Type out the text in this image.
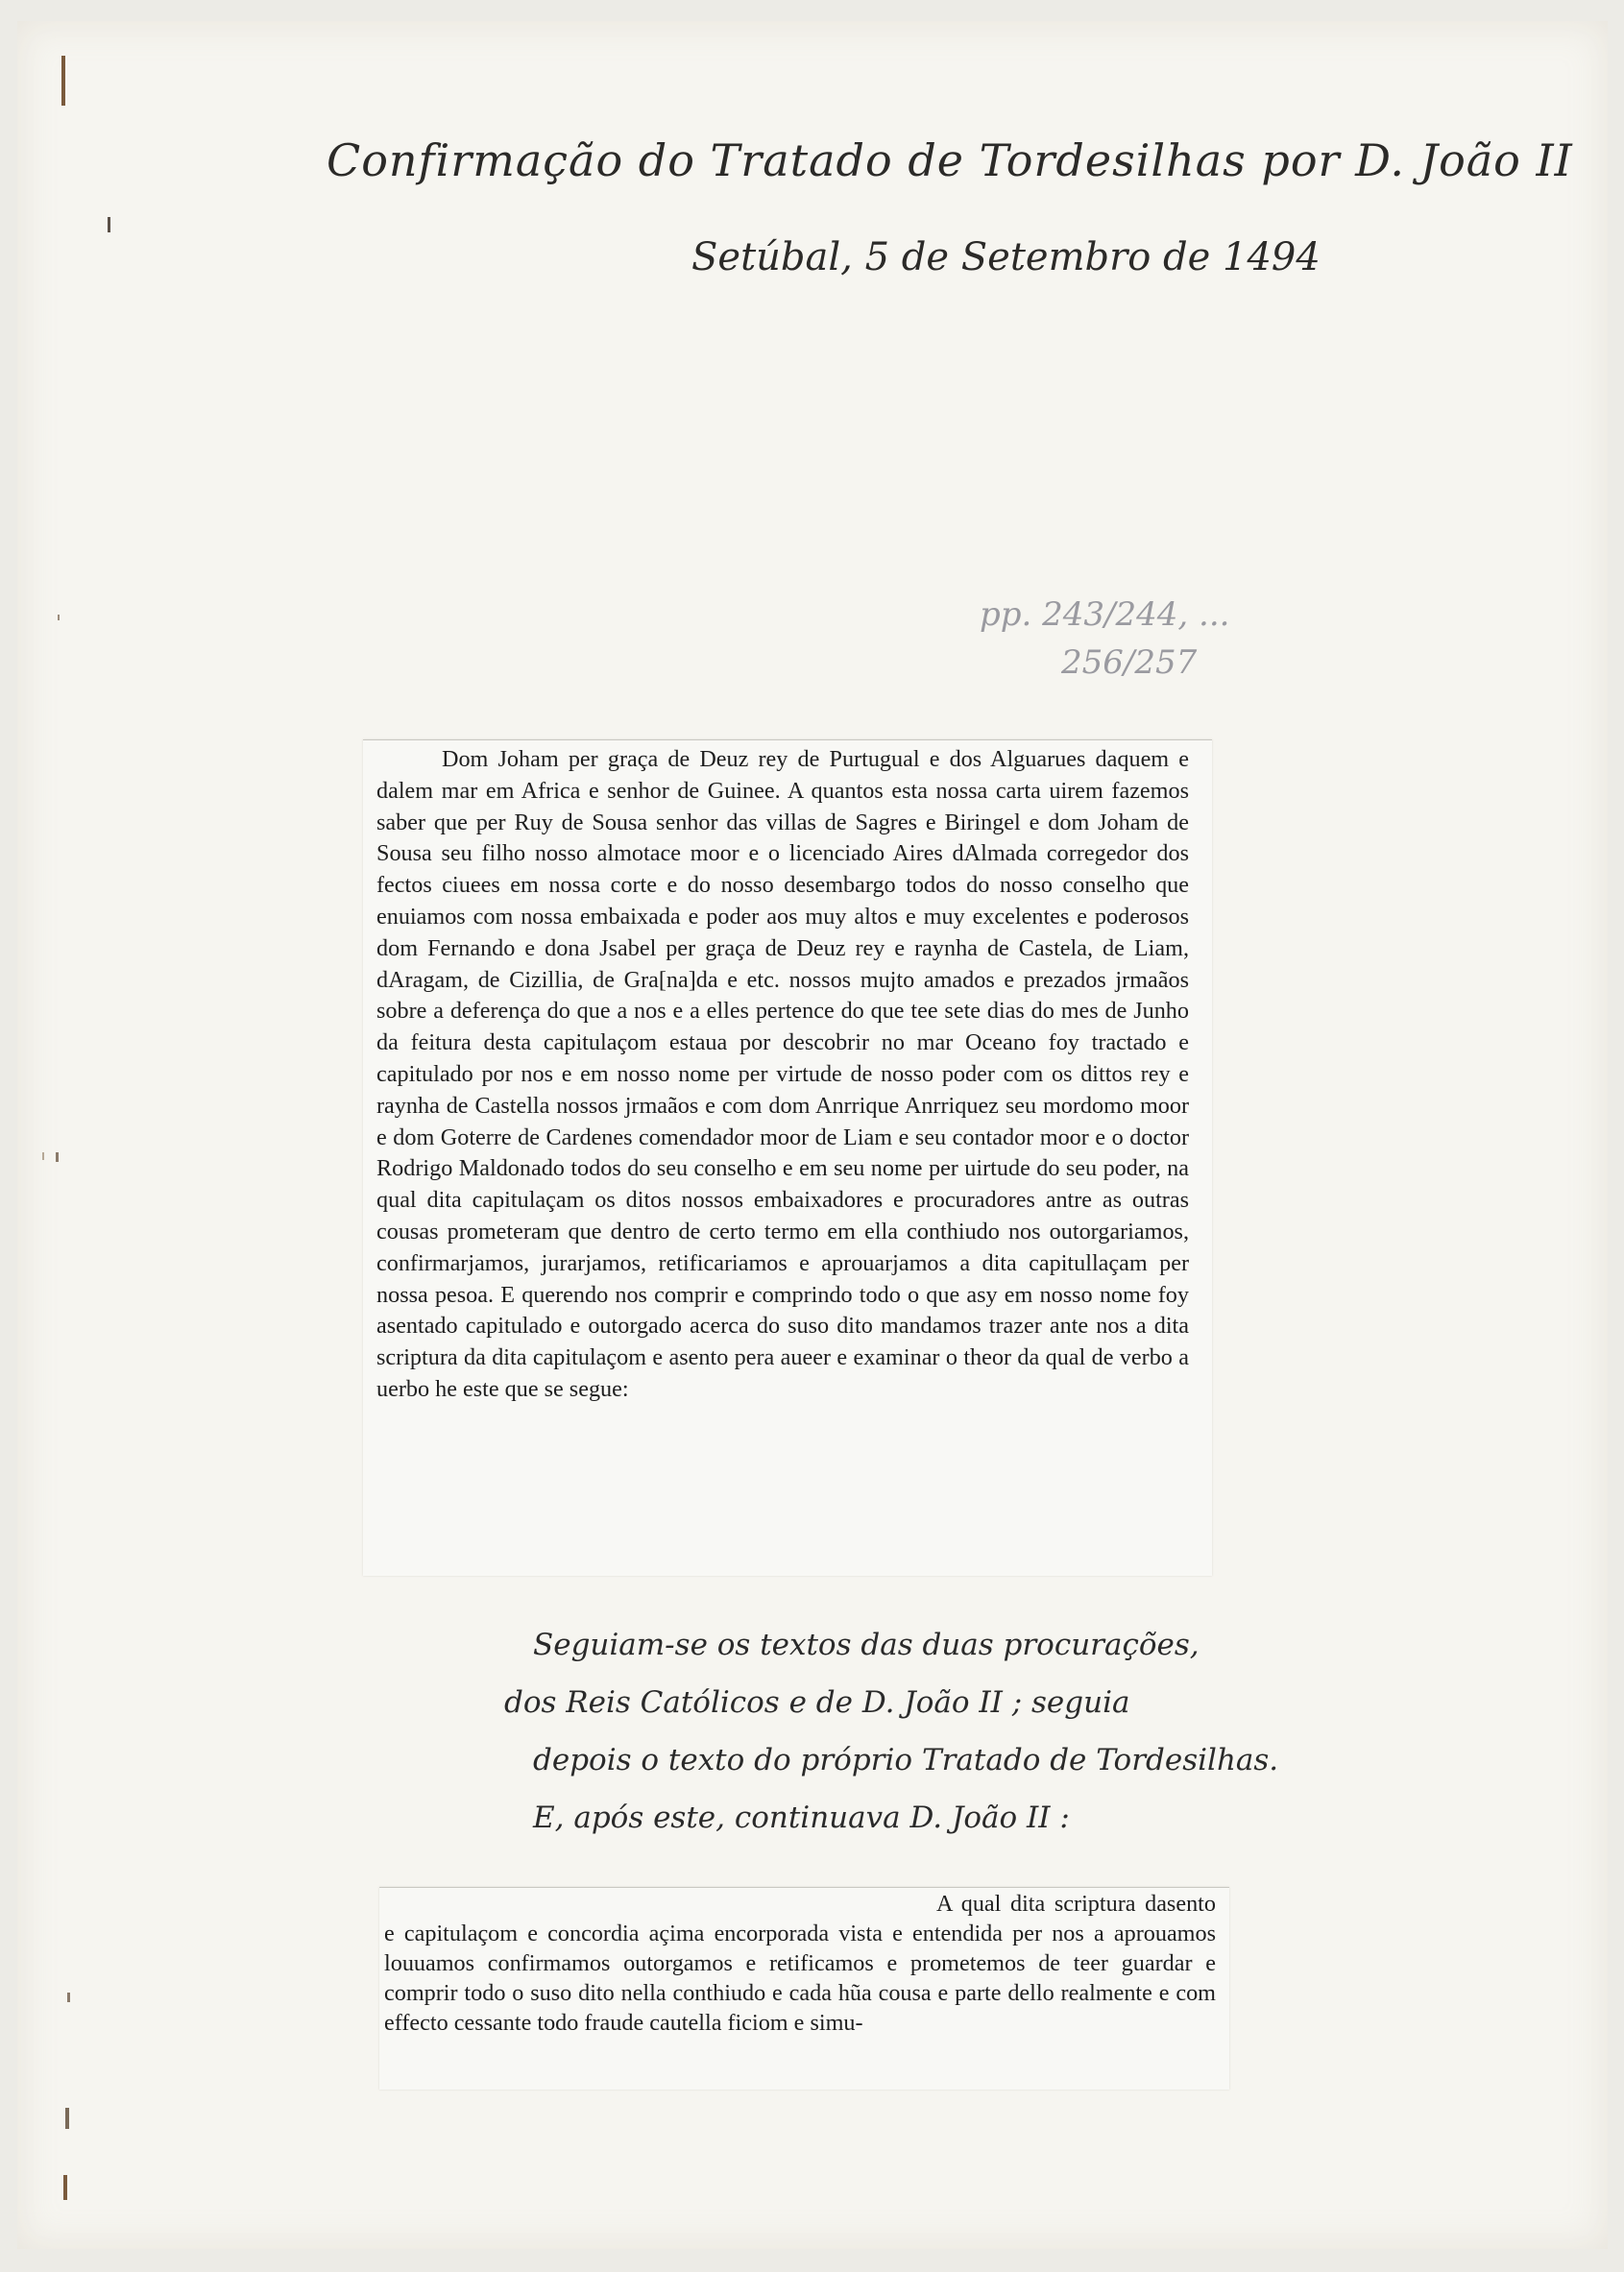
Confirmação do Tratado de Tordesilhas por D. João II
Setúbal, 5 de Setembro de 1494
pp. 243/244, ...
256/257

Dom Joham per graça de Deuz rey de Purtugual e dos Alguarues daquem e dalem mar em Africa e senhor de Guinee. A quantos esta nossa carta uirem fazemos saber que per Ruy de Sousa senhor das villas de Sagres e Biringel e dom Joham de Sousa seu filho nosso almotace moor e o licenciado Aires dAlmada corregedor dos fectos ciuees em nossa corte e do nosso desembargo todos do nosso conselho que enuiamos com nossa embaixada e poder aos muy altos e muy excelentes e poderosos dom Fernando e dona Jsabel per graça de Deuz rey e raynha de Castela, de Liam, dAragam, de Cizillia, de Gra[na]da e etc. nossos mujto amados e prezados jrmaãos sobre a deferença do que a nos e a elles pertence do que tee sete dias do mes de Junho da feitura desta capitulaçom estaua por descobrir no mar Oceano foy tractado e capitulado por nos e em nosso nome per virtude de nosso poder com os dittos rey e raynha de Castella nossos jrmaãos e com dom Anrrique Anrriquez seu mordomo moor e dom Goterre de Cardenes comendador moor de Liam e seu contador moor e o doctor Rodrigo Maldonado todos do seu conselho e em seu nome per uirtude do seu poder, na qual dita capitulaçam os ditos nossos embaixadores e procuradores antre as outras cousas prometeram que dentro de certo termo em ella conthiudo nos outorgariamos, confirmarjamos, jurarjamos, retificariamos e aprouarjamos a dita capitullaçam per nossa pesoa. E querendo nos comprir e comprindo todo o que asy em nosso nome foy asentado capitulado e outorgado acerca do suso dito mandamos trazer ante nos a dita scriptura da dita capitulaçom e asento pera aueer e examinar o theor da qual de verbo a uerbo he este que se segue:

Seguiam-se os textos das duas procurações,
dos Reis Católicos e de D. João II ; seguia
depois o texto do próprio Tratado de Tordesilhas.
E, após este, continuava D. João II :

A qual dita scriptura dasento e capitulaçom e concordia açima encorporada vista e entendida per nos a aprouamos louuamos confirmamos outorgamos e retificamos e prometemos de teer guardar e comprir todo o suso dito nella conthiudo e cada hũa cousa e parte dello realmente e com effecto cessante todo fraude cautella ficiom e simu-
